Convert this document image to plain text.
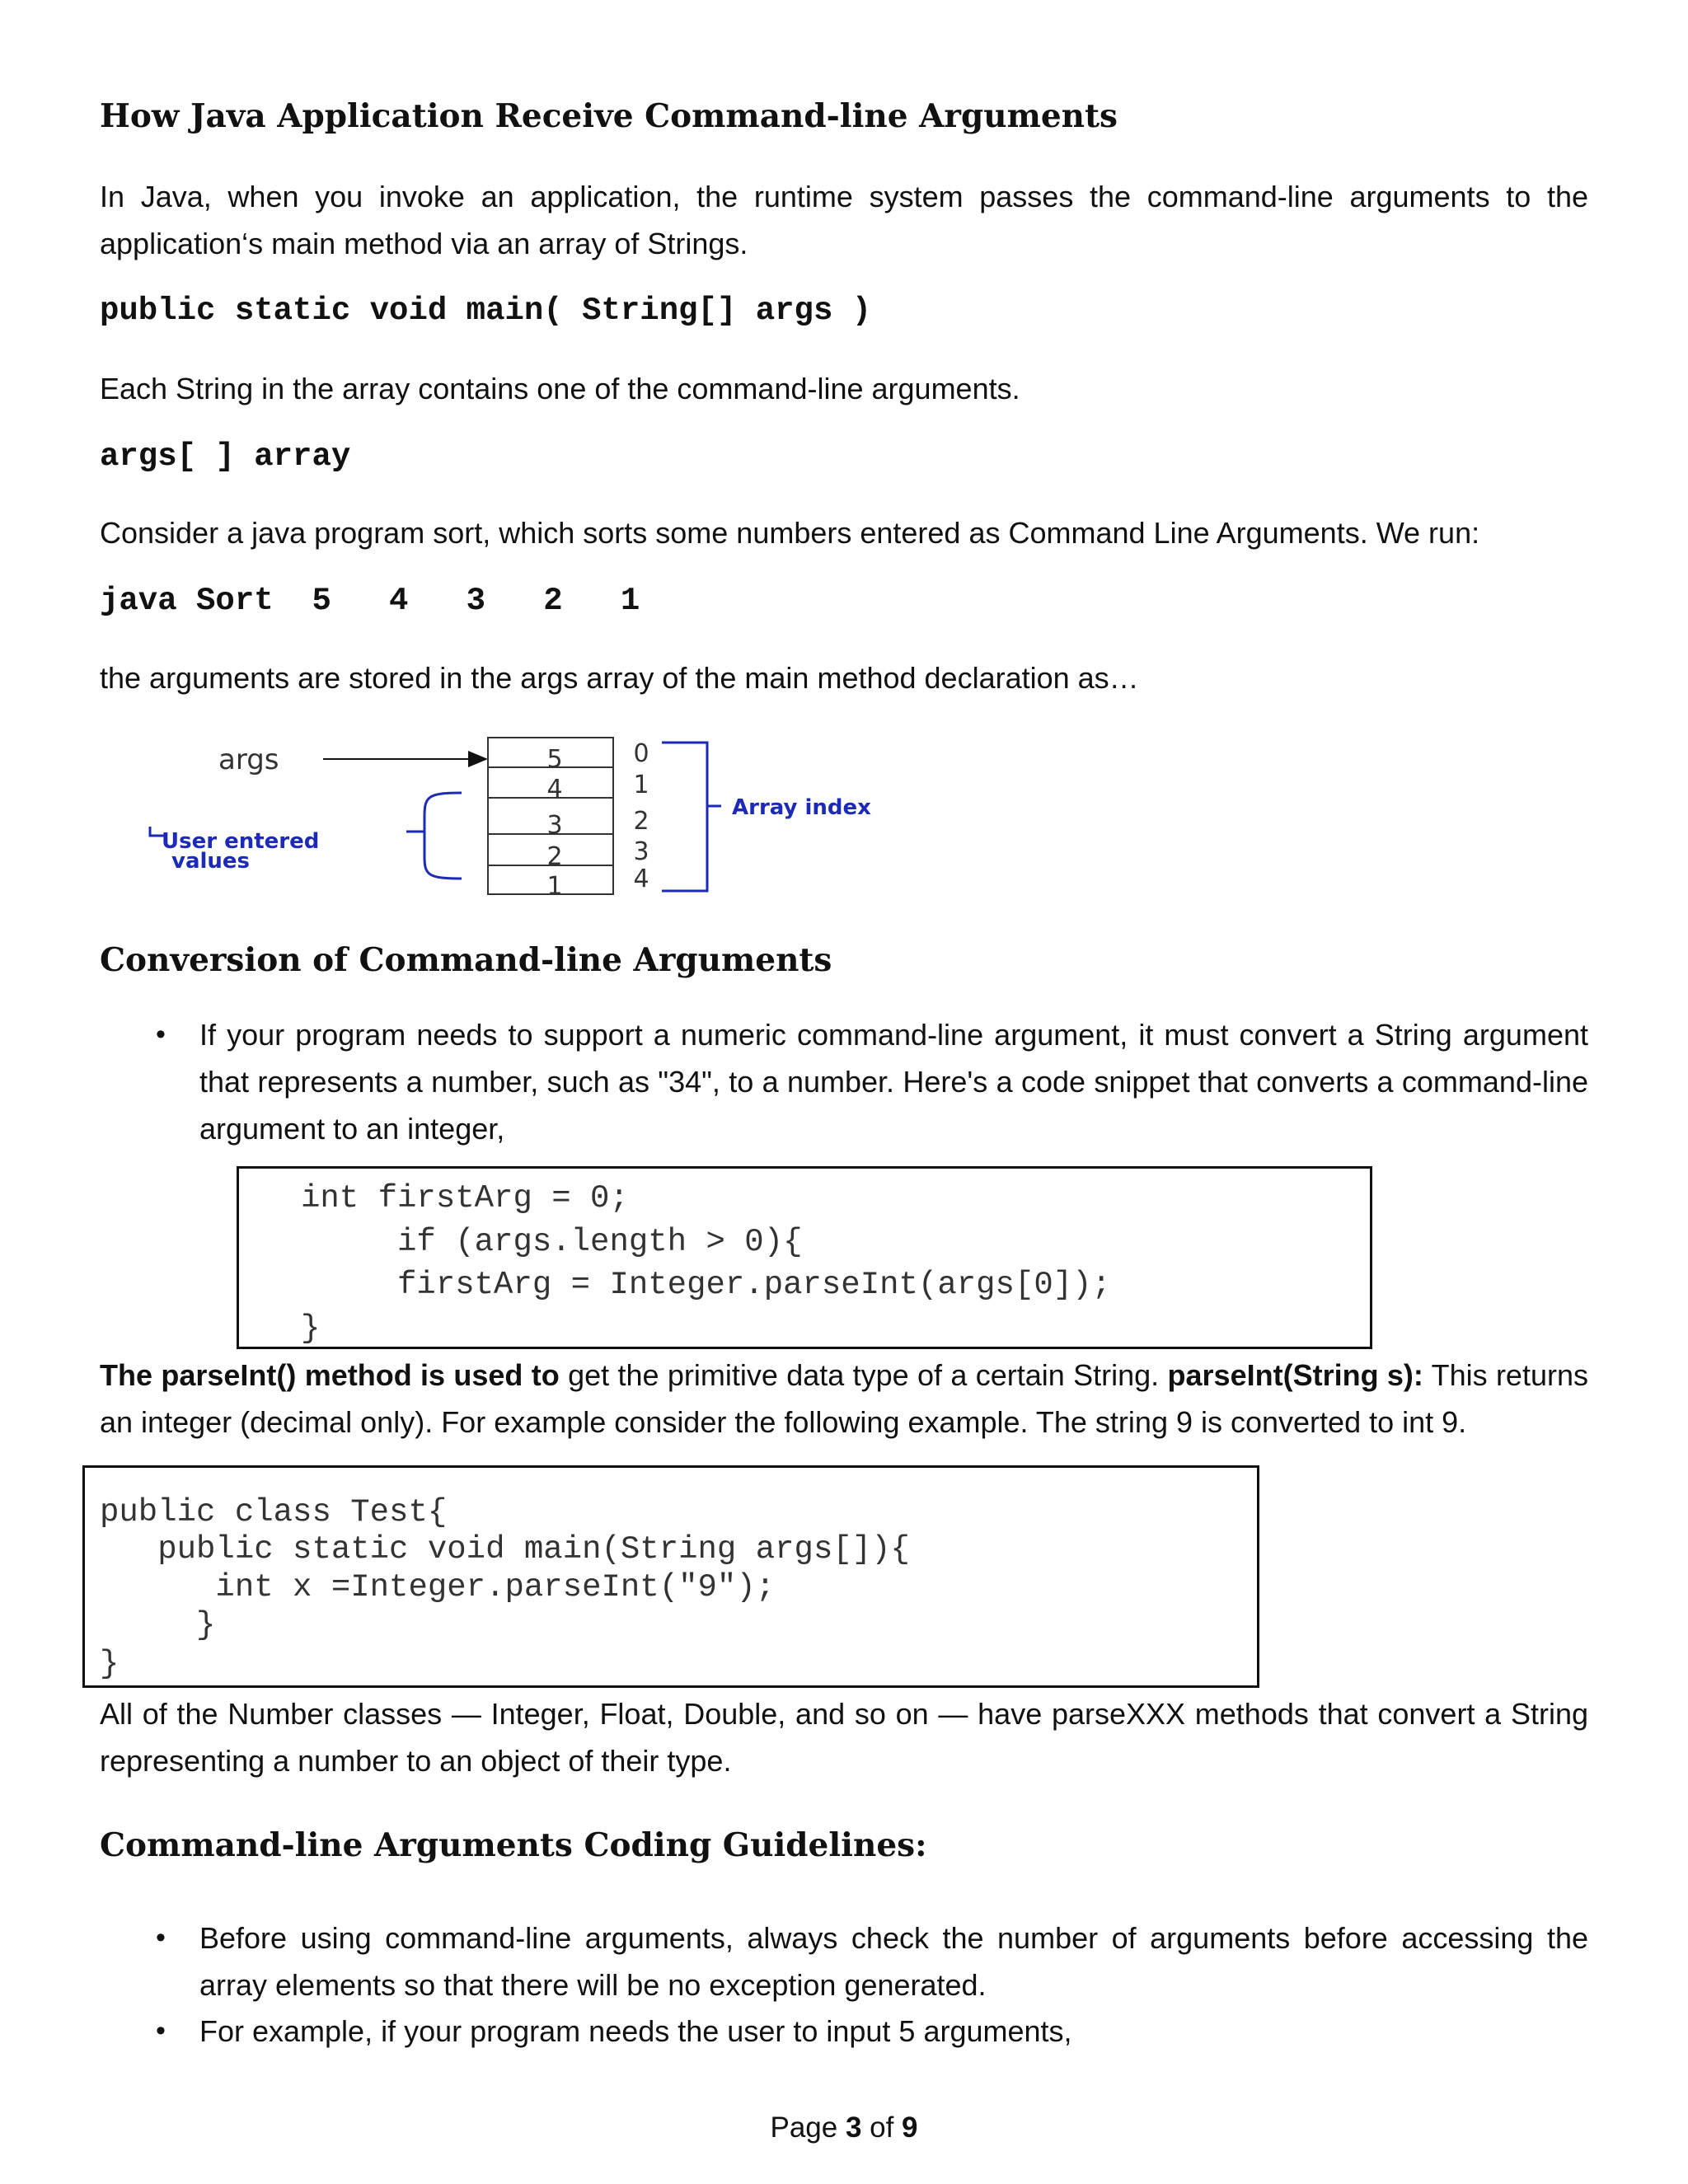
How Java Application Receive Command-line Arguments
In Java, when you invoke an application, the runtime system passes the command-line arguments to the application‘s main method via an array of Strings.
public static void main( String[] args )
Each String in the array contains one of the command-line arguments.
args[ ] array
Consider a java program sort, which sorts some numbers entered as Command Line Arguments. We run:
java Sort  5   4   3   2   1
the arguments are stored in the args array of the main method declaration as…
args	5
4
3
2
1
0
1
2
3
4
Array index
User entered
values
Conversion of Command-line Arguments
• If your program needs to support a numeric command-line argument, it must convert a String argument that represents a number, such as "34", to a number. Here's a code snippet that converts a command-line argument to an integer,
int firstArg = 0;
if (args.length > 0){
firstArg = Integer.parseInt(args[0]);
}
The parseInt() method is used to get the primitive data type of a certain String. parseInt(String s): This returns an integer (decimal only). For example consider the following example. The string 9 is converted to int 9.
public class Test{
public static void main(String args[]){
int x =Integer.parseInt("9");
}
}
All of the Number classes — Integer, Float, Double, and so on — have parseXXX methods that convert a String representing a number to an object of their type.
Command-line Arguments Coding Guidelines:
• Before using command-line arguments, always check the number of arguments before accessing the array elements so that there will be no exception generated.
• For example, if your program needs the user to input 5 arguments,
Page 3 of 9
